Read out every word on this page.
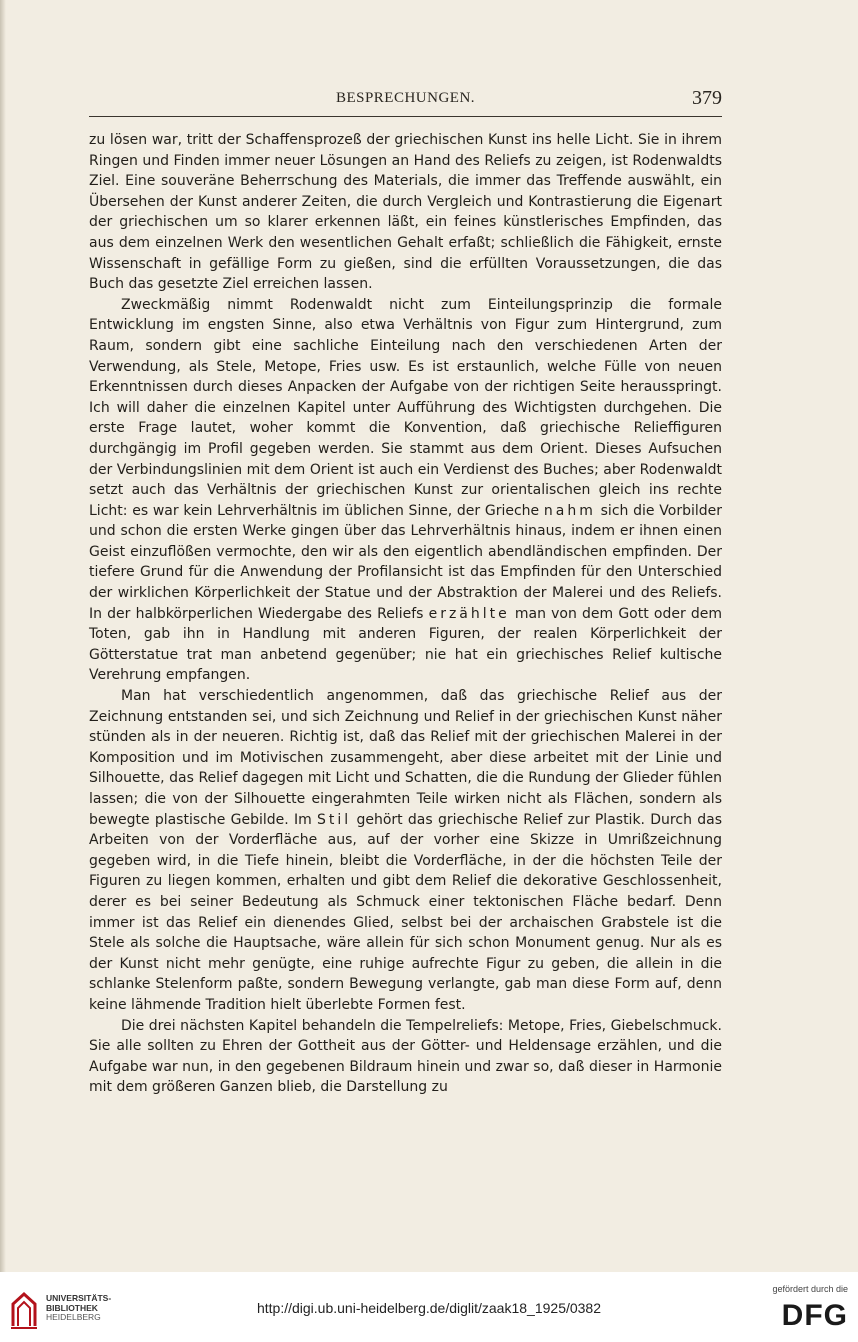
BESPRECHUNGEN.	379

zu lösen war, tritt der Schaffensprozeß der griechischen Kunst ins helle Licht. Sie in ihrem Ringen und Finden immer neuer Lösungen an Hand des Reliefs zu zeigen, ist Rodenwaldts Ziel. Eine souveräne Beherrschung des Materials, die immer das Treffende auswählt, ein Übersehen der Kunst anderer Zeiten, die durch Vergleich und Kontrastierung die Eigenart der griechischen um so klarer erkennen läßt, ein feines künstlerisches Empfinden, das aus dem einzelnen Werk den wesentlichen Gehalt erfaßt; schließlich die Fähigkeit, ernste Wissenschaft in gefällige Form zu gießen, sind die erfüllten Voraussetzungen, die das Buch das gesetzte Ziel erreichen lassen.

Zweckmäßig nimmt Rodenwaldt nicht zum Einteilungsprinzip die formale Entwicklung im engsten Sinne, also etwa Verhältnis von Figur zum Hintergrund, zum Raum, sondern gibt eine sachliche Einteilung nach den verschiedenen Arten der Verwendung, als Stele, Metope, Fries usw. Es ist erstaunlich, welche Fülle von neuen Erkenntnissen durch dieses Anpacken der Aufgabe von der richtigen Seite herausspringt. Ich will daher die einzelnen Kapitel unter Aufführung des Wichtigsten durchgehen. Die erste Frage lautet, woher kommt die Konvention, daß griechische Relieffiguren durchgängig im Profil gegeben werden. Sie stammt aus dem Orient. Dieses Aufsuchen der Verbindungslinien mit dem Orient ist auch ein Verdienst des Buches; aber Rodenwaldt setzt auch das Verhältnis der griechischen Kunst zur orientalischen gleich ins rechte Licht: es war kein Lehrverhältnis im üblichen Sinne, der Grieche nahm sich die Vorbilder und schon die ersten Werke gingen über das Lehrverhältnis hinaus, indem er ihnen einen Geist einzuflößen vermochte, den wir als den eigentlich abendländischen empfinden. Der tiefere Grund für die Anwendung der Profilansicht ist das Empfinden für den Unterschied der wirklichen Körperlichkeit der Statue und der Abstraktion der Malerei und des Reliefs. In der halbkörperlichen Wiedergabe des Reliefs erzählte man von dem Gott oder dem Toten, gab ihn in Handlung mit anderen Figuren, der realen Körperlichkeit der Götterstatue trat man anbetend gegenüber; nie hat ein griechisches Relief kultische Verehrung empfangen.

Man hat verschiedentlich angenommen, daß das griechische Relief aus der Zeichnung entstanden sei, und sich Zeichnung und Relief in der griechischen Kunst näher stünden als in der neueren. Richtig ist, daß das Relief mit der griechischen Malerei in der Komposition und im Motivischen zusammengeht, aber diese arbeitet mit der Linie und Silhouette, das Relief dagegen mit Licht und Schatten, die die Rundung der Glieder fühlen lassen; die von der Silhouette eingerahmten Teile wirken nicht als Flächen, sondern als bewegte plastische Gebilde. Im Stil gehört das griechische Relief zur Plastik. Durch das Arbeiten von der Vorderfläche aus, auf der vorher eine Skizze in Umrißzeichnung gegeben wird, in die Tiefe hinein, bleibt die Vorderfläche, in der die höchsten Teile der Figuren zu liegen kommen, erhalten und gibt dem Relief die dekorative Geschlossenheit, derer es bei seiner Bedeutung als Schmuck einer tektonischen Fläche bedarf. Denn immer ist das Relief ein dienendes Glied, selbst bei der archaischen Grabstele ist die Stele als solche die Hauptsache, wäre allein für sich schon Monument genug. Nur als es der Kunst nicht mehr genügte, eine ruhige aufrechte Figur zu geben, die allein in die schlanke Stelenform paßte, sondern Bewegung verlangte, gab man diese Form auf, denn keine lähmende Tradition hielt überlebte Formen fest.

Die drei nächsten Kapitel behandeln die Tempelreliefs: Metope, Fries, Giebelschmuck. Sie alle sollten zu Ehren der Gottheit aus der Götter- und Heldensage erzählen, und die Aufgabe war nun, in den gegebenen Bildraum hinein und zwar so, daß dieser in Harmonie mit dem größeren Ganzen blieb, die Darstellung zu

UNIVERSITÄTS-
BIBLIOTHEK
HEIDELBERG
http://digi.ub.uni-heidelberg.de/diglit/zaak18_1925/0382
gefördert durch die
DFG
